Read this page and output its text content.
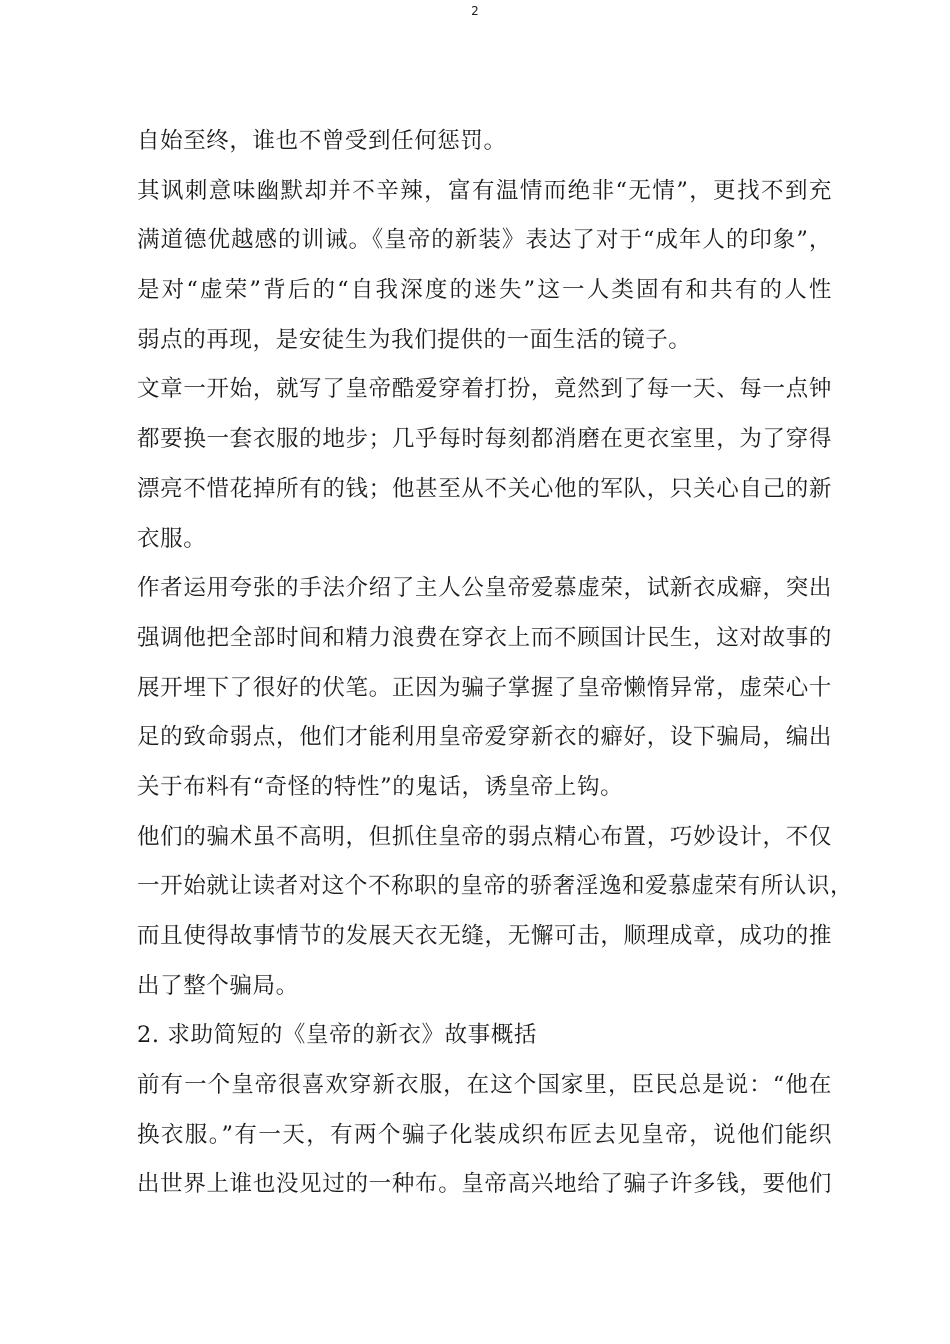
2
自始至终，谁也不曾受到任何惩罚。
其讽刺意味幽默却并不辛辣，富有温情而绝非“无情”，更找不到充
满道德优越感的训诫。《皇帝的新装》表达了对于“成年人的印象”，
是对“虚荣”背后的“自我深度的迷失”这一人类固有和共有的人性
弱点的再现，是安徒生为我们提供的一面生活的镜子。
文章一开始，就写了皇帝酷爱穿着打扮，竟然到了每一天、每一点钟
都要换一套衣服的地步；几乎每时每刻都消磨在更衣室里，为了穿得
漂亮不惜花掉所有的钱；他甚至从不关心他的军队，只关心自己的新
衣服。
作者运用夸张的手法介绍了主人公皇帝爱慕虚荣，试新衣成癖，突出
强调他把全部时间和精力浪费在穿衣上而不顾国计民生，这对故事的
展开埋下了很好的伏笔。正因为骗子掌握了皇帝懒惰异常，虚荣心十
足的致命弱点，他们才能利用皇帝爱穿新衣的癖好，设下骗局，编出
关于布料有“奇怪的特性”的鬼话，诱皇帝上钩。
他们的骗术虽不高明，但抓住皇帝的弱点精心布置，巧妙设计，不仅
一开始就让读者对这个不称职的皇帝的骄奢淫逸和爱慕虚荣有所认识，
而且使得故事情节的发展天衣无缝，无懈可击，顺理成章，成功的推
出了整个骗局。
2. 求助简短的《皇帝的新衣》故事概括
前有一个皇帝很喜欢穿新衣服，在这个国家里，臣民总是说：“他在
换衣服。”有一天，有两个骗子化装成织布匠去见皇帝，说他们能织
出世界上谁也没见过的一种布。皇帝高兴地给了骗子许多钱，要他们
